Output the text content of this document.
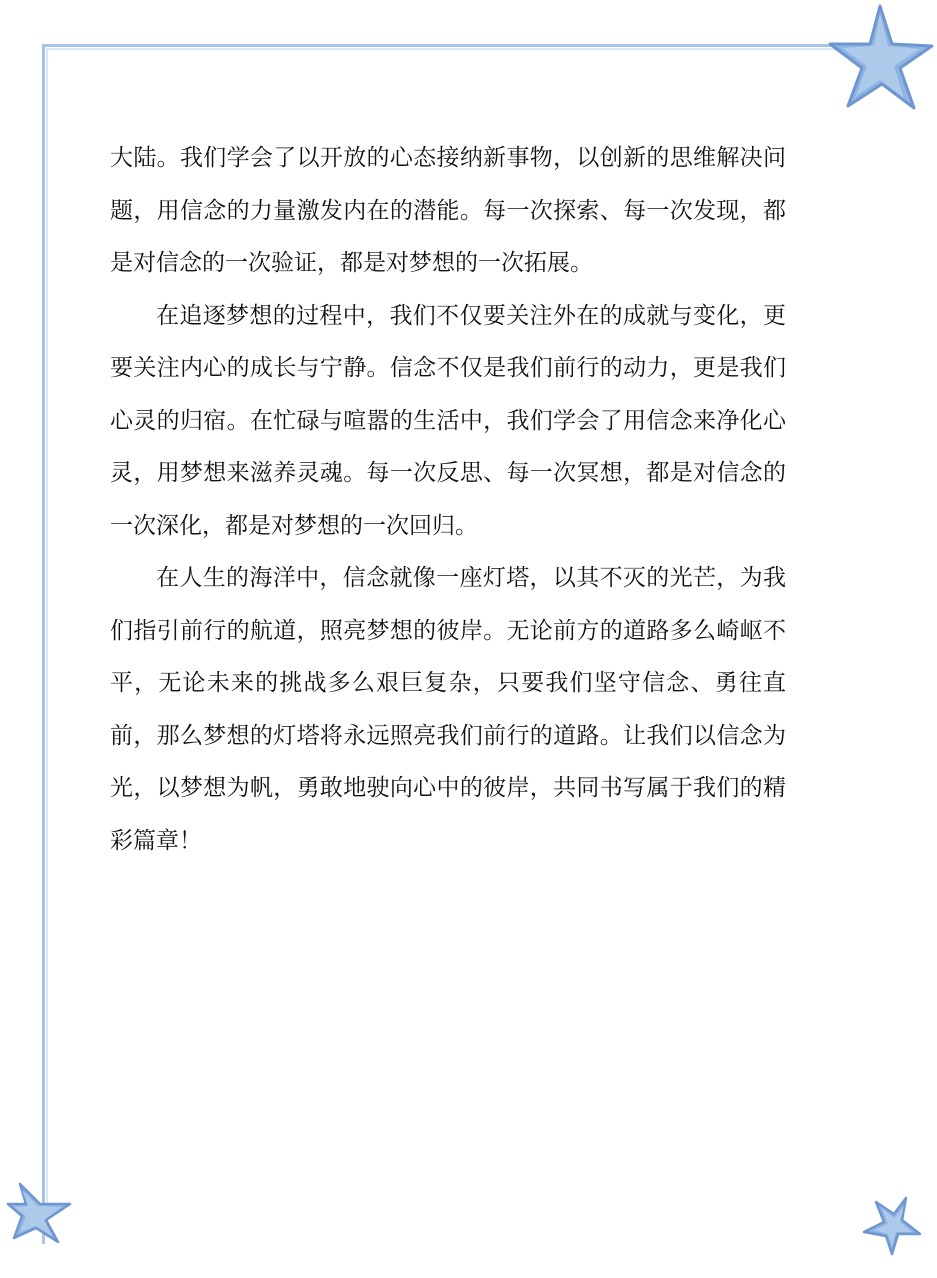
大陆。我们学会了以开放的心态接纳新事物，以创新的思维解决问题，用信念的力量激发内在的潜能。每一次探索、每一次发现，都是对信念的一次验证，都是对梦想的一次拓展。

在追逐梦想的过程中，我们不仅要关注外在的成就与变化，更要关注内心的成长与宁静。信念不仅是我们前行的动力，更是我们心灵的归宿。在忙碌与喧嚣的生活中，我们学会了用信念来净化心灵，用梦想来滋养灵魂。每一次反思、每一次冥想，都是对信念的一次深化，都是对梦想的一次回归。

在人生的海洋中，信念就像一座灯塔，以其不灭的光芒，为我们指引前行的航道，照亮梦想的彼岸。无论前方的道路多么崎岖不平，无论未来的挑战多么艰巨复杂，只要我们坚守信念、勇往直前，那么梦想的灯塔将永远照亮我们前行的道路。让我们以信念为光，以梦想为帆，勇敢地驶向心中的彼岸，共同书写属于我们的精彩篇章！
